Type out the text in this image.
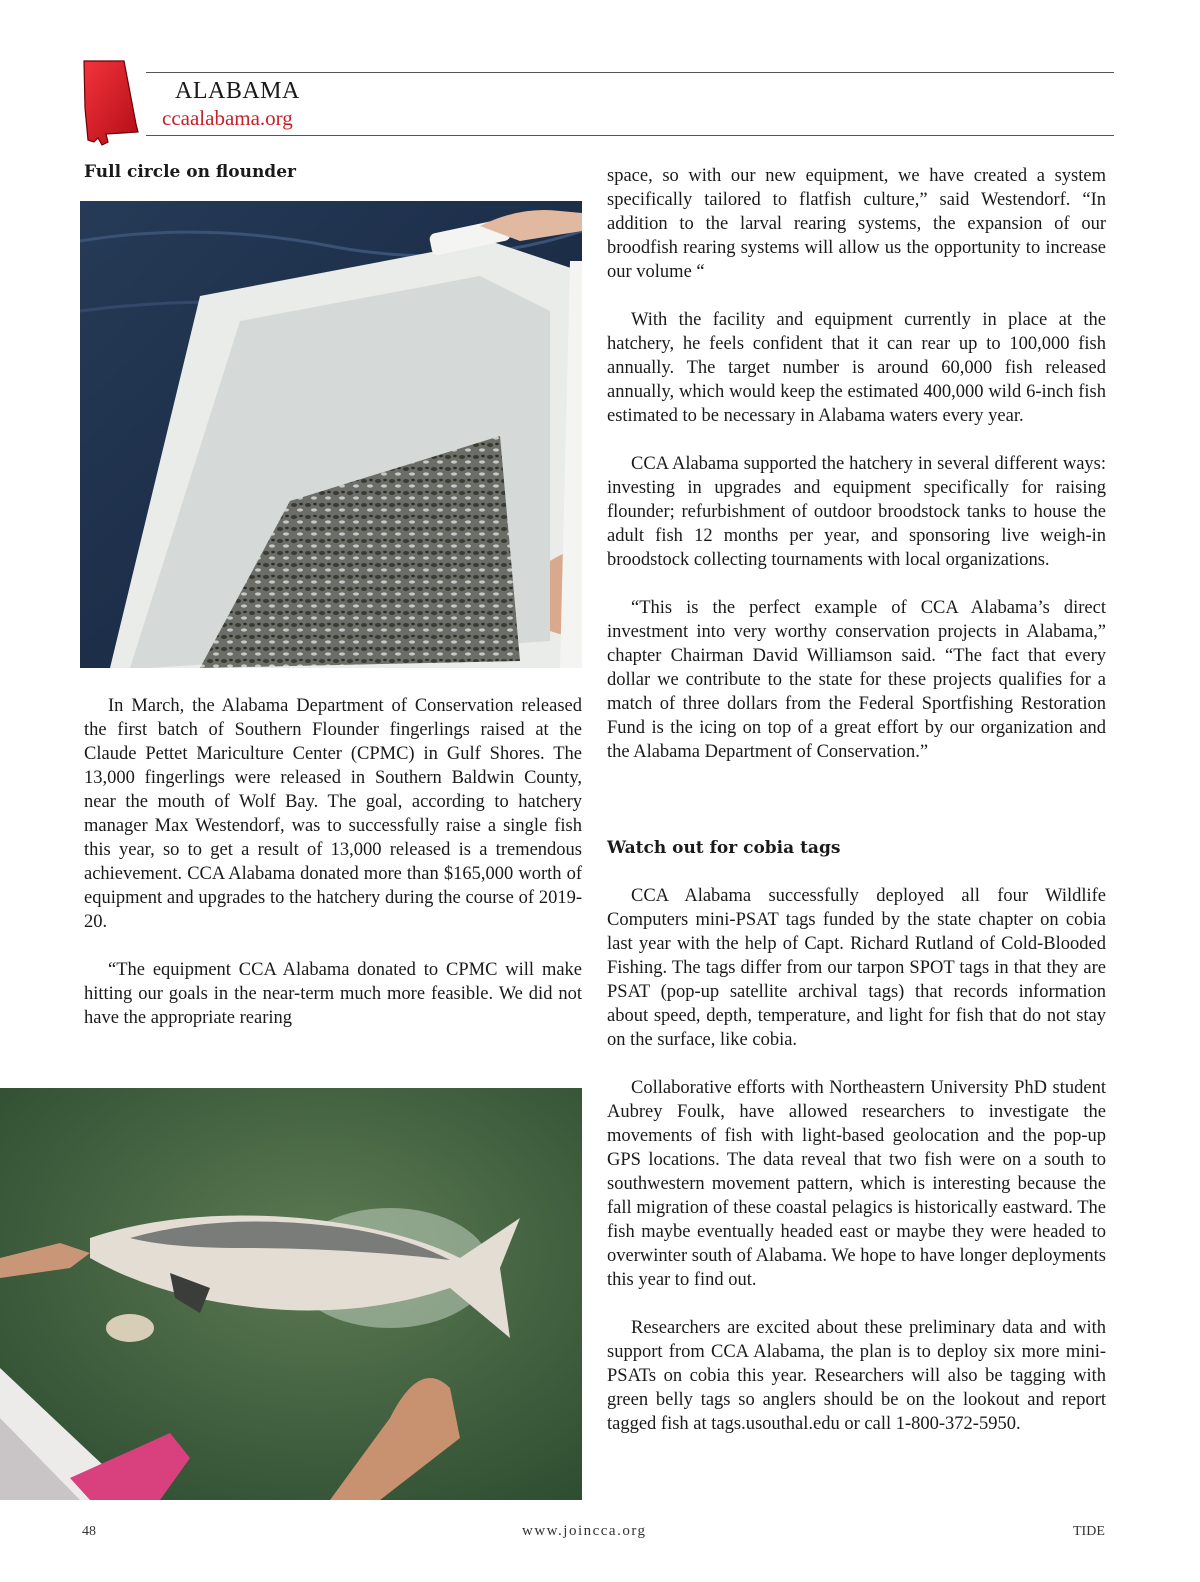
ALABAMA
ccaalabama.org
Full circle on flounder

In March, the Alabama Department of Conservation released the first batch of Southern Flounder fingerlings raised at the Claude Pettet Mariculture Center (CPMC) in Gulf Shores. The 13,000 fingerlings were released in Southern Baldwin County, near the mouth of Wolf Bay. The goal, according to hatchery manager Max Westendorf, was to successfully raise a single fish this year, so to get a result of 13,000 released is a tremendous achievement. CCA Alabama donated more than $165,000 worth of equipment and upgrades to the hatchery during the course of 2019-20.

“The equipment CCA Alabama donated to CPMC will make hitting our goals in the near-term much more feasible. We did not have the appropriate rearing

space, so with our new equipment, we have created a system specifically tailored to flatfish culture,” said Westendorf. “In addition to the larval rearing systems, the expansion of our broodfish rearing systems will allow us the opportunity to increase our volume “

With the facility and equipment currently in place at the hatchery, he feels confident that it can rear up to 100,000 fish annually. The target number is around 60,000 fish released annually, which would keep the estimated 400,000 wild 6-inch fish estimated to be necessary in Alabama waters every year.

CCA Alabama supported the hatchery in several different ways: investing in upgrades and equipment specifically for raising flounder; refurbishment of outdoor broodstock tanks to house the adult fish 12 months per year, and sponsoring live weigh-in broodstock collecting tournaments with local organizations.

“This is the perfect example of CCA Alabama’s direct investment into very worthy conservation projects in Alabama,” chapter Chairman David Williamson said. “The fact that every dollar we contribute to the state for these projects qualifies for a match of three dollars from the Federal Sportfishing Restoration Fund is the icing on top of a great effort by our organization and the Alabama Department of Conservation.”

Watch out for cobia tags

CCA Alabama successfully deployed all four Wildlife Computers mini-PSAT tags funded by the state chapter on cobia last year with the help of Capt. Richard Rutland of Cold-Blooded Fishing. The tags differ from our tarpon SPOT tags in that they are PSAT (pop-up satellite archival tags) that records information about speed, depth, temperature, and light for fish that do not stay on the surface, like cobia.

Collaborative efforts with Northeastern University PhD student Aubrey Foulk, have allowed researchers to investigate the movements of fish with light-based geolocation and the pop-up GPS locations. The data reveal that two fish were on a south to southwestern movement pattern, which is interesting because the fall migration of these coastal pelagics is historically eastward. The fish maybe eventually headed east or maybe they were headed to overwinter south of Alabama. We hope to have longer deployments this year to find out.

Researchers are excited about these preliminary data and with support from CCA Alabama, the plan is to deploy six more mini-PSATs on cobia this year. Researchers will also be tagging with green belly tags so anglers should be on the lookout and report tagged fish at tags.usouthal.edu or call 1-800-372-5950.

48	www.joincca.org	TIDE
